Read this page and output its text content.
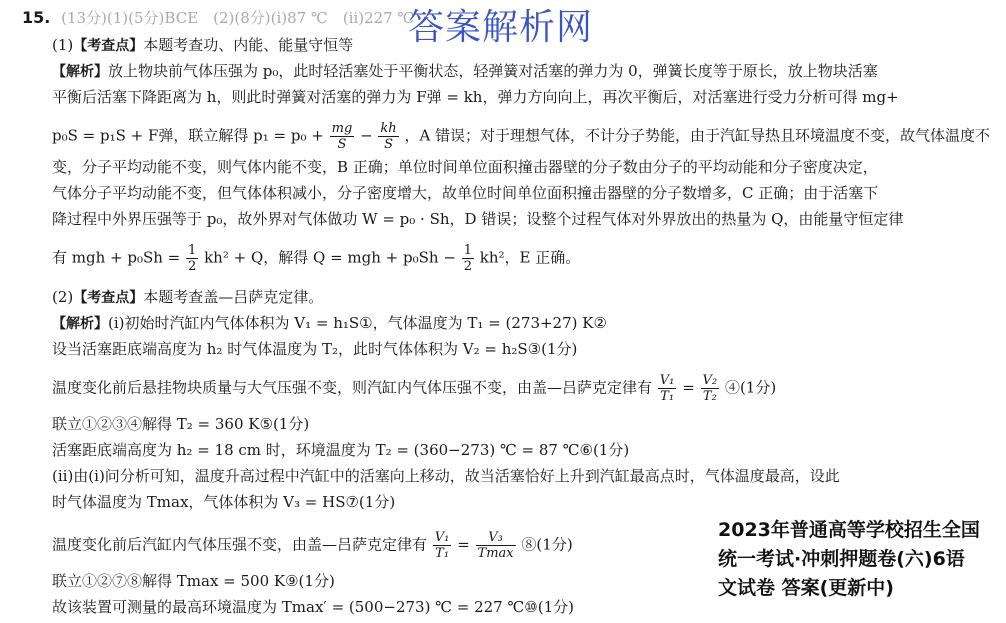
15. (13分)(1)(5分)BCE　(2)(8分)(ⅰ)87 ℃　(ⅱ)227 ℃
答案解析网
(1)【考查点】本题考查功、内能、能量守恒等
【解析】放上物块前气体压强为 p₀，此时轻活塞处于平衡状态，轻弹簧对活塞的弹力为 0，弹簧长度等于原长，放上物块活塞
平衡后活塞下降距离为 h，则此时弹簧对活塞的弹力为 F弹 = kh，弹力方向向上，再次平衡后，对活塞进行受力分析可得 mg+
p₀S = p₁S + F弹，联立解得 $p_1 = p_0 + \frac{mg}{S} - \frac{kh}{S}$ ，A 错误；对于理想气体，不计分子势能，由于汽缸导热且环境温度不变，故气体温度不
变，分子平均动能不变，则气体内能不变，B 正确；单位时间单位面积撞击器壁的分子数由分子的平均动能和分子密度决定，
气体分子平均动能不变，但气体体积减小，分子密度增大，故单位时间单位面积撞击器壁的分子数增多，C 正确；由于活塞下
降过程中外界压强等于 p₀，故外界对气体做功 W = p₀ · Sh，D 错误；设整个过程气体对外界放出的热量为 Q，由能量守恒定律
有 mgh + $p_0Sh = \frac{1}{2} kh^2 + Q$，解得 Q = mgh + $p_0Sh - \frac{1}{2} kh^2$，E 正确。
(2)【考查点】本题考查盖—吕萨克定律。
【解析】(ⅰ)初始时汽缸内气体体积为 V₁ = h₁S①，气体温度为 T₁ = (273+27) K②
设当活塞距底端高度为 h₂ 时气体温度为 T₂，此时气体体积为 V₂ = h₂S③(1分)
温度变化前后悬挂物块质量与大气压强不变，则汽缸内气体压强不变，由盖—吕萨克定律有 $\frac{\text{V₁}}{\text{T₁}} = \frac{\text{V₂}}{\text{T₂}}$ ④(1分)
联立①②③④解得 T₂ = 360 K⑤(1分)
活塞距底端高度为 h₂ = 18 cm 时，环境温度为 T₂ = (360−273) ℃ = 87 ℃⑥(1分)
(ⅱ)由(ⅰ)问分析可知，温度升高过程中汽缸中的活塞向上移动，故当活塞恰好上升到汽缸最高点时，气体温度最高，设此
时气体温度为 Tmax，气体体积为 V₃ = HS⑦(1分)
温度变化前后汽缸内气体压强不变，由盖—吕萨克定律有 $\frac{\text{V₁}}{\text{T₁}} = \frac{\text{V₃}}{Tmax}$ ⑧(1分)
联立①②⑦⑧解得 Tmax = 500 K⑨(1分)
故该装置可测量的最高环境温度为 Tmax′ = (500−273) ℃ = 227 ℃⑩(1分)
2023年普通高等学校招生全国
统一考试·冲刺押题卷(六)6语
文试卷 答案(更新中)
